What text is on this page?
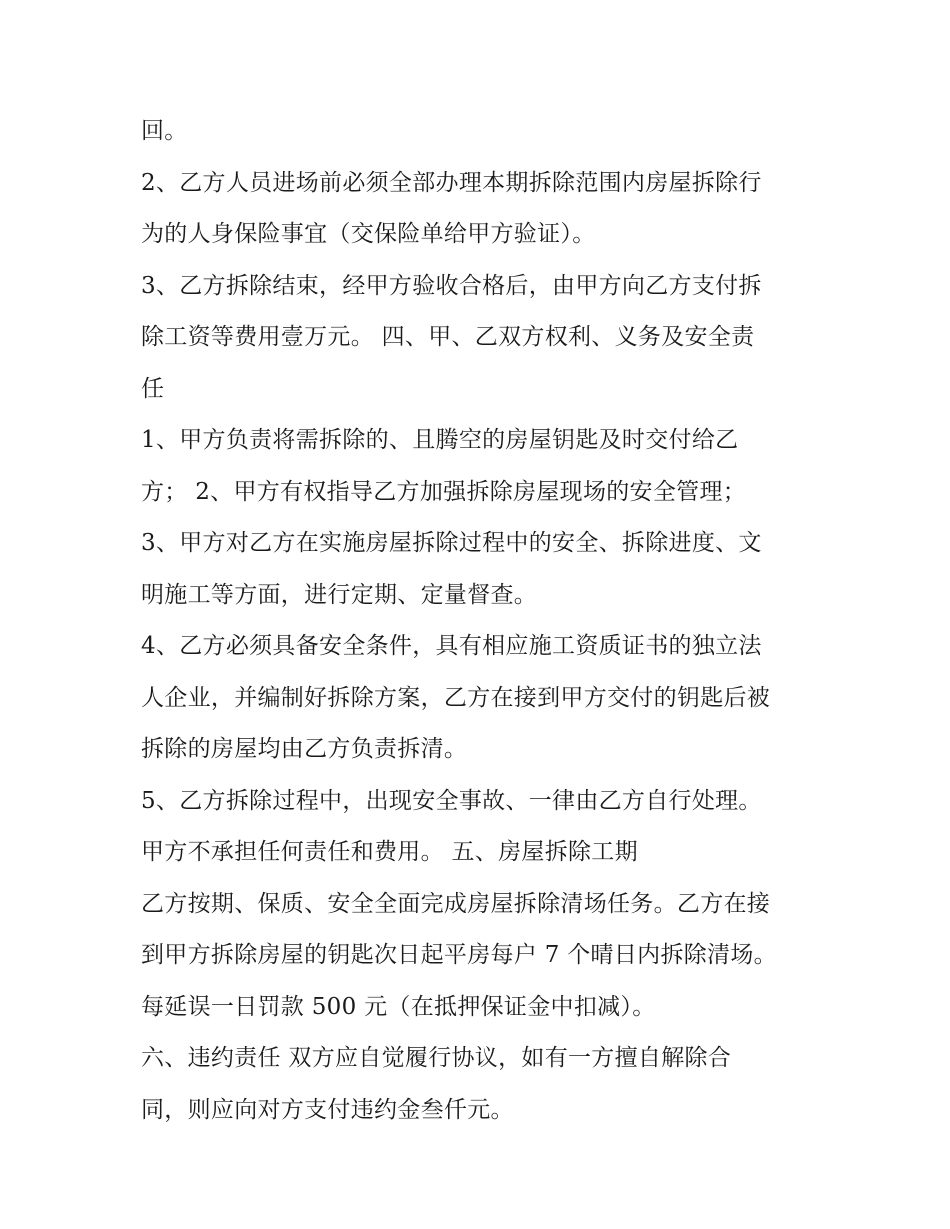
回。
2、乙方人员进场前必须全部办理本期拆除范围内房屋拆除行
为的人身保险事宜（交保险单给甲方验证）。
3、乙方拆除结束，经甲方验收合格后，由甲方向乙方支付拆
除工资等费用壹万元。 四、甲、乙双方权利、义务及安全责
任
1、甲方负责将需拆除的、且腾空的房屋钥匙及时交付给乙
方； 2、甲方有权指导乙方加强拆除房屋现场的安全管理；
3、甲方对乙方在实施房屋拆除过程中的安全、拆除进度、文
明施工等方面，进行定期、定量督查。
4、乙方必须具备安全条件，具有相应施工资质证书的独立法
人企业，并编制好拆除方案，乙方在接到甲方交付的钥匙后被
拆除的房屋均由乙方负责拆清。
5、乙方拆除过程中，出现安全事故、一律由乙方自行处理。
甲方不承担任何责任和费用。 五、房屋拆除工期
乙方按期、保质、安全全面完成房屋拆除清场任务。乙方在接
到甲方拆除房屋的钥匙次日起平房每户 7 个晴日内拆除清场。
每延误一日罚款 500 元（在抵押保证金中扣减）。
六、违约责任 双方应自觉履行协议，如有一方擅自解除合
同，则应向对方支付违约金叁仟元。
